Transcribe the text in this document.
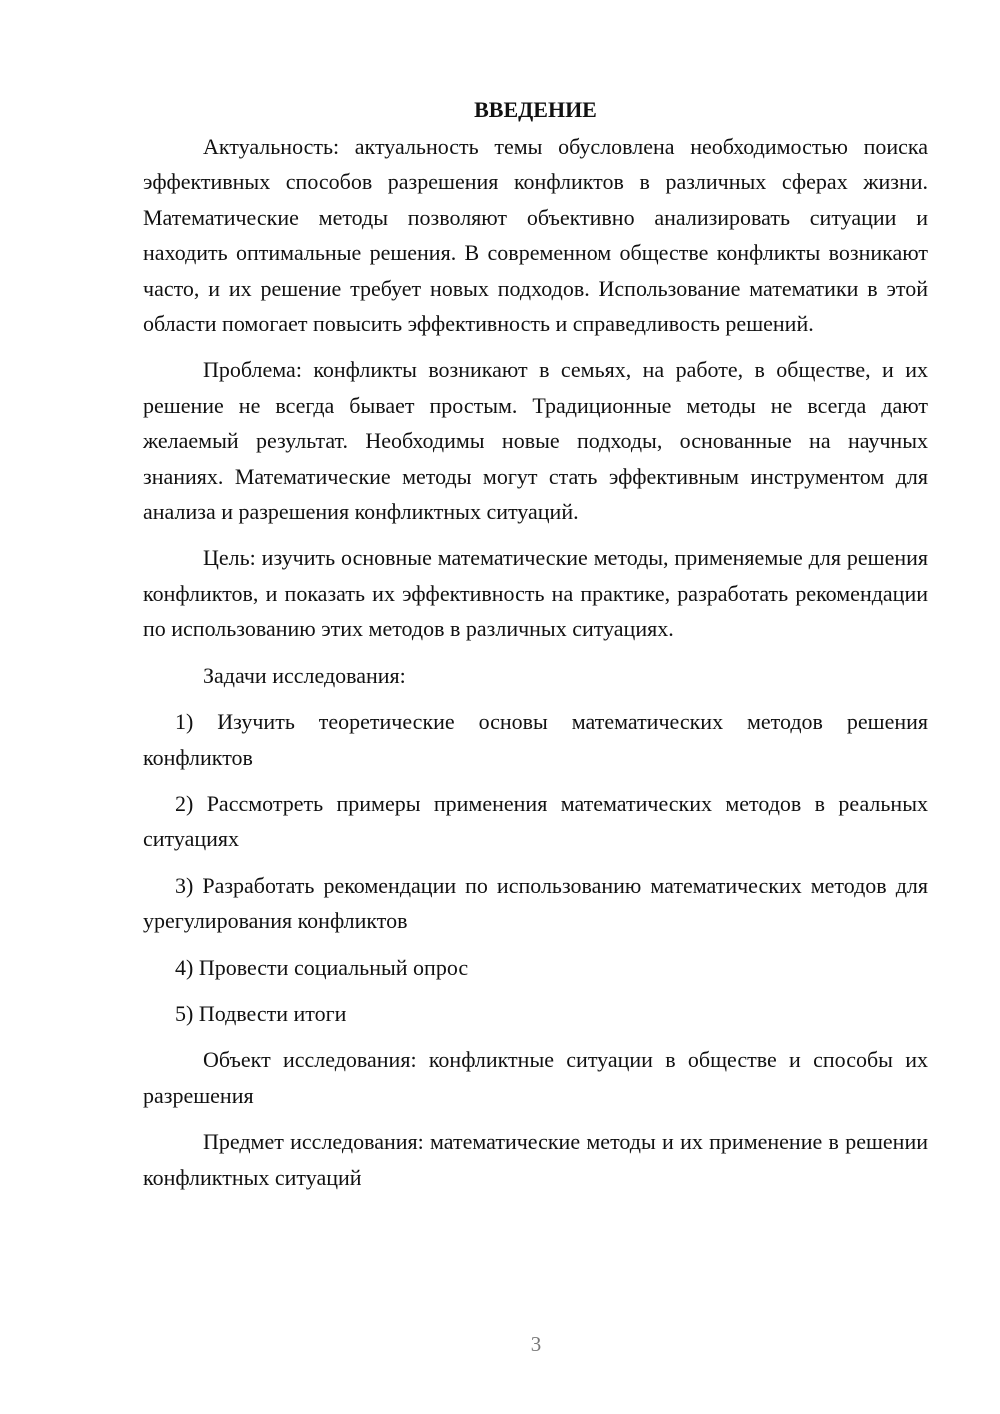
ВВЕДЕНИЕ

Актуальность: актуальность темы обусловлена необходимостью поиска эффективных способов разрешения конфликтов в различных сферах жизни. Математические методы позволяют объективно анализировать ситуации и находить оптимальные решения. В современном обществе конфликты возникают часто, и их решение требует новых подходов. Использование математики в этой области помогает повысить эффективность и справедливость решений.

Проблема: конфликты возникают в семьях, на работе, в обществе, и их решение не всегда бывает простым. Традиционные методы не всегда дают желаемый результат. Необходимы новые подходы, основанные на научных знаниях. Математические методы могут стать эффективным инструментом для анализа и разрешения конфликтных ситуаций.

Цель: изучить основные математические методы, применяемые для решения конфликтов, и показать их эффективность на практике, разработать рекомендации по использованию этих методов в различных ситуациях.

Задачи исследования:

1) Изучить теоретические основы математических методов решения конфликтов

2) Рассмотреть примеры применения математических методов в реальных ситуациях

3) Разработать рекомендации по использованию математических методов для урегулирования конфликтов

4) Провести социальный опрос

5) Подвести итоги

Объект исследования: конфликтные ситуации в обществе и способы их разрешения

Предмет исследования: математические методы и их применение в решении конфликтных ситуаций

3
